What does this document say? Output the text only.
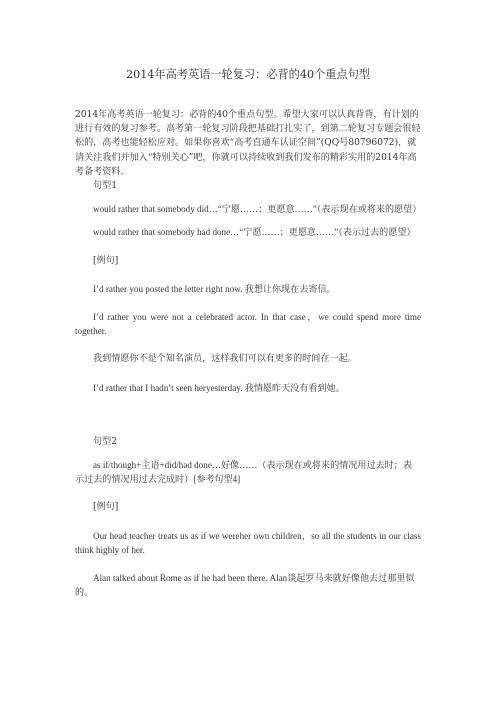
2014年高考英语一轮复习：必背的40个重点句型

2014年高考英语一轮复习：必背的40个重点句型。希望大家可以认真背背，有计划的进行有效的复习参考。高考第一轮复习阶段把基础打扎实了，到第二轮复习专题会很轻松的，高考也能轻松应对。如果你喜欢“高考直通车认证空间”(QQ号80796072)，就请关注我们并加入“特别关心”吧，你就可以持续收到我们发布的精彩实用的2014年高考备考资料。

句型1

would rather that somebody did…“宁愿……；更愿意……”（表示现在或将来的愿望）

would rather that somebody had done…“宁愿……；更愿意……”（表示过去的愿望）

[例句]

I’d rather you posted the letter right now. 我想让你现在去寄信。

I’d rather you were not a celebrated actor. In that case，we could spend more time together.

我到情愿你不是个知名演员，这样我们可以有更多的时间在一起。

I’d rather that I hadn’t seen heryesterday. 我情愿昨天没有看到她。

句型2

as if/though+主语+did/had done…好像……（表示现在或将来的情况用过去时；表示过去的情况用过去完成时）[参考句型4]

[例句]

Our head teacher treats us as if we wereher own children，so all the students in our class think highly of her.

Alan talked about Rome as if he had been there. Alan谈起罗马来就好像他去过那里似的。
